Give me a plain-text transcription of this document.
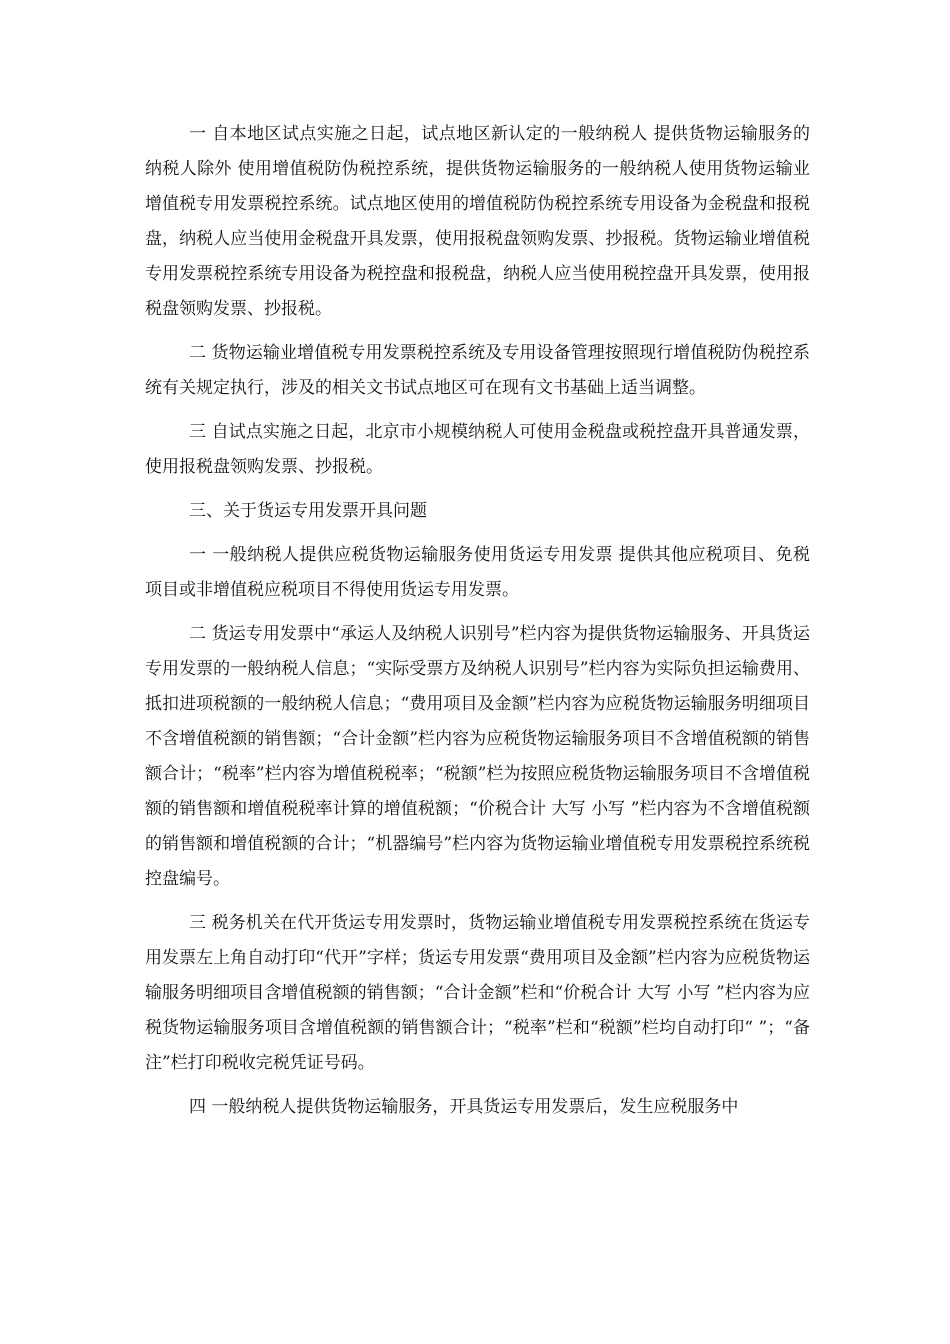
一 自本地区试点实施之日起，试点地区新认定的一般纳税人 提供货物运输服务的纳税人除外 使用增值税防伪税控系统，提供货物运输服务的一般纳税人使用货物运输业增值税专用发票税控系统。试点地区使用的增值税防伪税控系统专用设备为金税盘和报税盘，纳税人应当使用金税盘开具发票，使用报税盘领购发票、抄报税。货物运输业增值税专用发票税控系统专用设备为税控盘和报税盘，纳税人应当使用税控盘开具发票，使用报税盘领购发票、抄报税。

二 货物运输业增值税专用发票税控系统及专用设备管理按照现行增值税防伪税控系统有关规定执行，涉及的相关文书试点地区可在现有文书基础上适当调整。

三 自试点实施之日起，北京市小规模纳税人可使用金税盘或税控盘开具普通发票，使用报税盘领购发票、抄报税。

三、关于货运专用发票开具问题

一 一般纳税人提供应税货物运输服务使用货运专用发票 提供其他应税项目、免税项目或非增值税应税项目不得使用货运专用发票。

二 货运专用发票中“承运人及纳税人识别号”栏内容为提供货物运输服务、开具货运专用发票的一般纳税人信息；“实际受票方及纳税人识别号”栏内容为实际负担运输费用、抵扣进项税额的一般纳税人信息；“费用项目及金额”栏内容为应税货物运输服务明细项目不含增值税额的销售额；“合计金额”栏内容为应税货物运输服务项目不含增值税额的销售额合计；“税率”栏内容为增值税税率；“税额”栏为按照应税货物运输服务项目不含增值税额的销售额和增值税税率计算的增值税额；“价税合计 大写 小写 ”栏内容为不含增值税额的销售额和增值税额的合计；“机器编号”栏内容为货物运输业增值税专用发票税控系统税控盘编号。

三 税务机关在代开货运专用发票时，货物运输业增值税专用发票税控系统在货运专用发票左上角自动打印“代开”字样；货运专用发票“费用项目及金额”栏内容为应税货物运输服务明细项目含增值税额的销售额；“合计金额”栏和“价税合计 大写 小写 ”栏内容为应税货物运输服务项目含增值税额的销售额合计；“税率”栏和“税额”栏均自动打印“ ”；“备注”栏打印税收完税凭证号码。

四 一般纳税人提供货物运输服务，开具货运专用发票后，发生应税服务中
